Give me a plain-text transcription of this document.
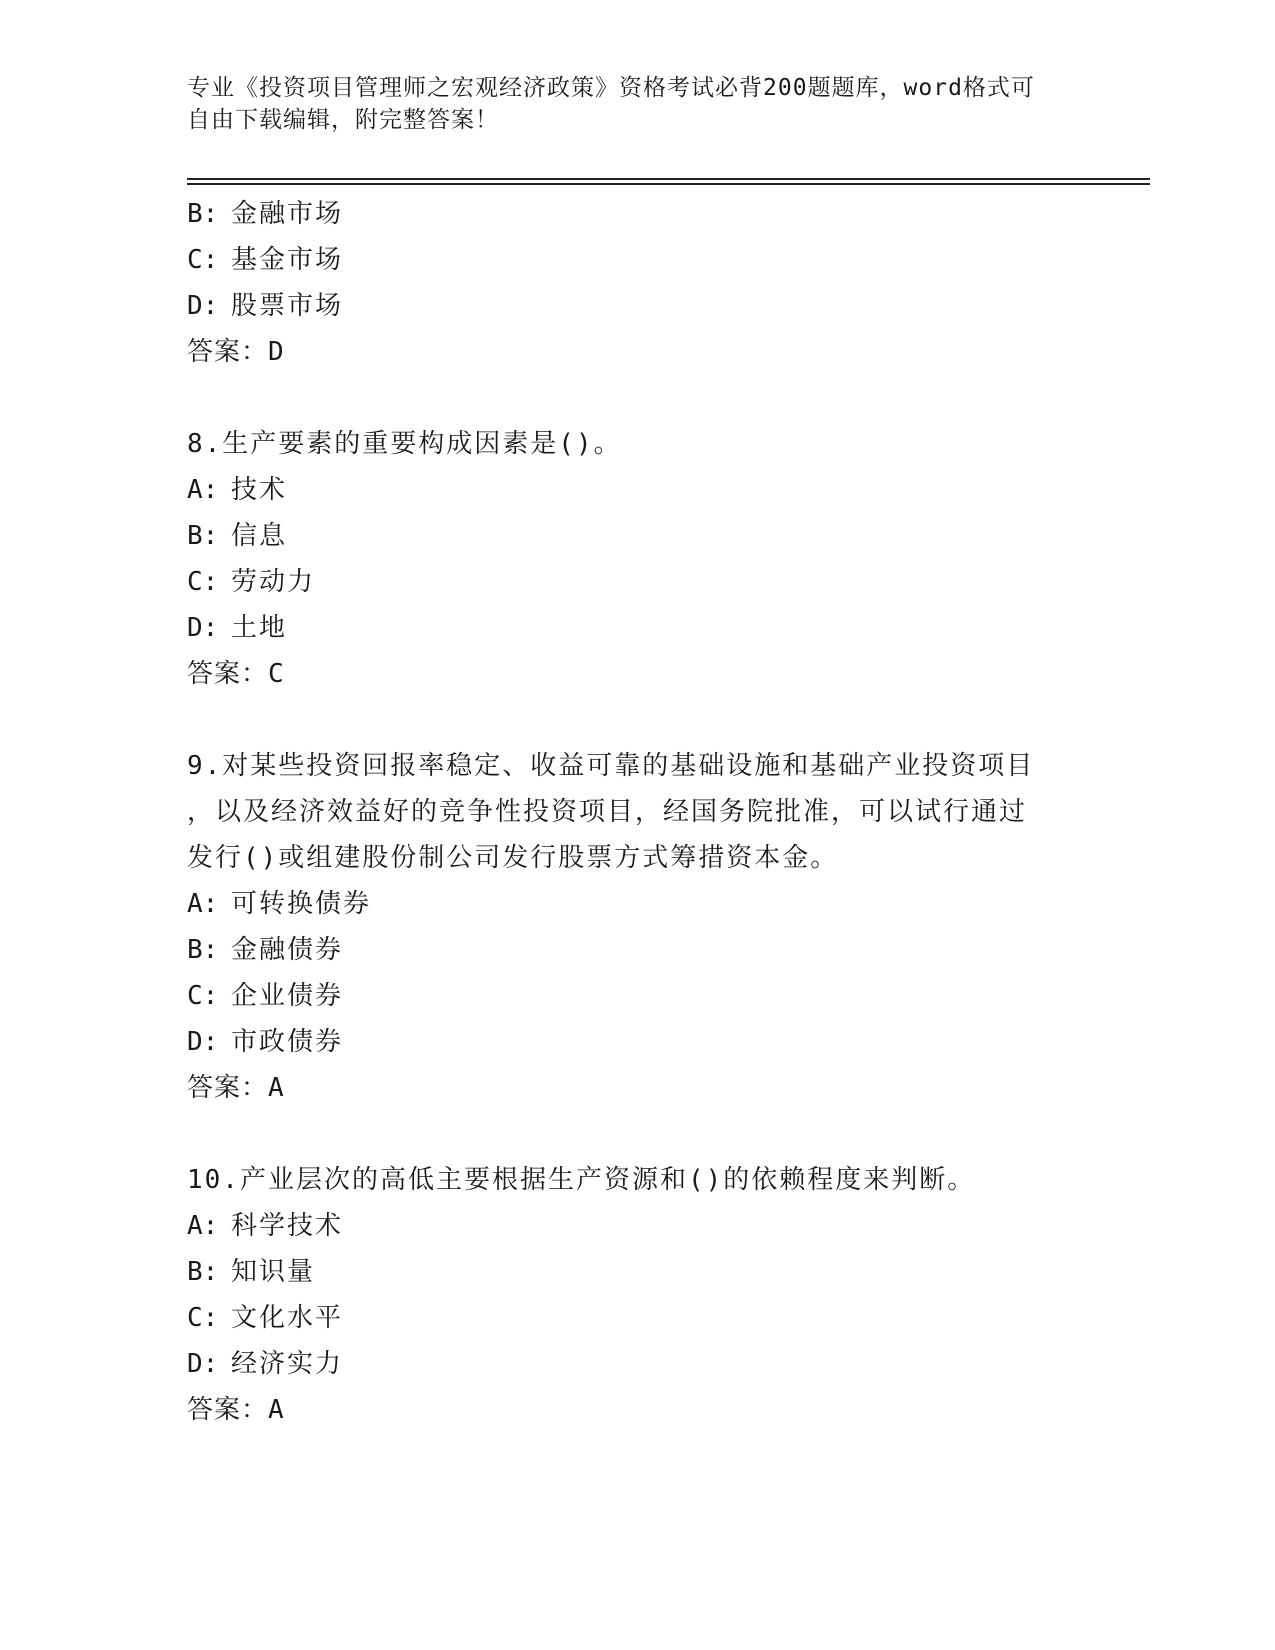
专业《投资项目管理师之宏观经济政策》资格考试必背200题题库，word格式可
自由下载编辑，附完整答案！
B: 金融市场
C: 基金市场
D: 股票市场
答案：D
8.生产要素的重要构成因素是()。
A: 技术
B: 信息
C: 劳动力
D: 土地
答案：C
9.对某些投资回报率稳定、收益可靠的基础设施和基础产业投资项目
，以及经济效益好的竞争性投资项目，经国务院批准，可以试行通过
发行()或组建股份制公司发行股票方式筹措资本金。
A: 可转换债券
B: 金融债券
C: 企业债券
D: 市政债券
答案：A
10.产业层次的高低主要根据生产资源和()的依赖程度来判断。
A: 科学技术
B: 知识量
C: 文化水平
D: 经济实力
答案：A
